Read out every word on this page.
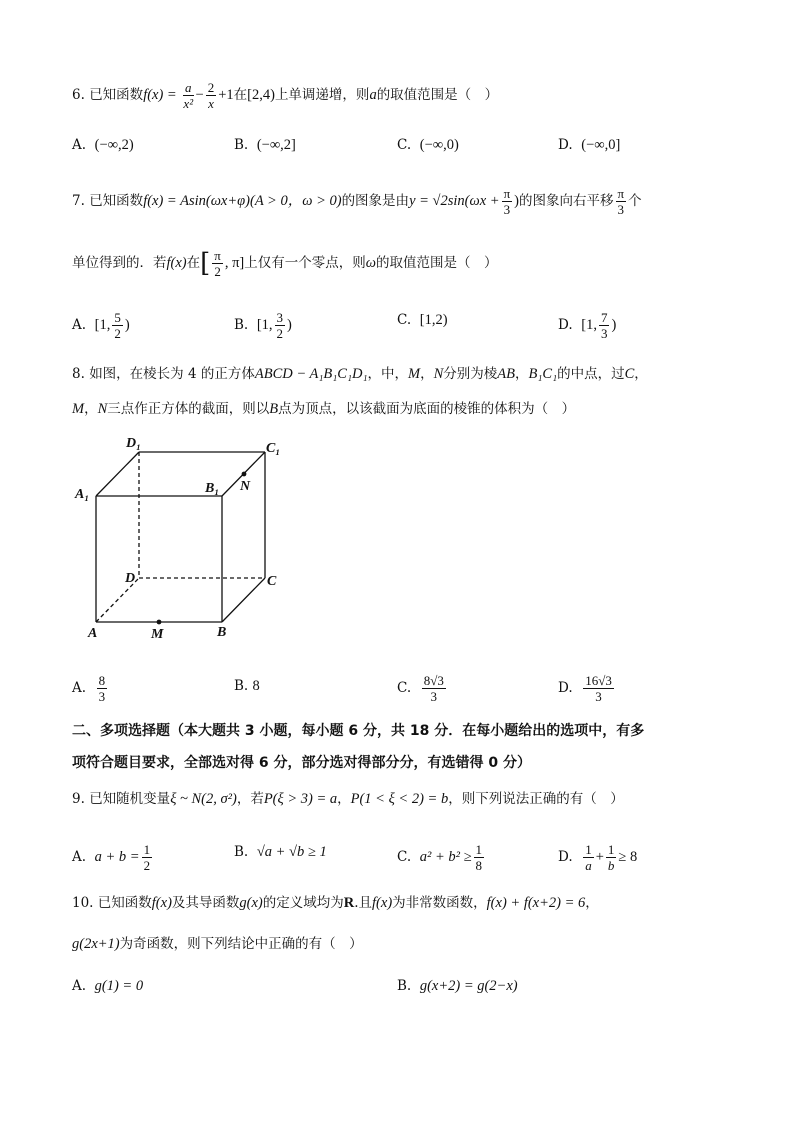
6. 已知函数$f(x) = \frac{a}{\text{x²}} - \frac{2}{x} +1$在[2,4)上单调递增，则a的取值范围是（　）
A. (−∞,2)	B. (−∞,2]	C. (−∞,0)	D. (−∞,0]
7. 已知函数f(x) = Asin(ωx+φ)(A > 0，ω > 0)的图象是由$y = √2\sin(\omega x + \frac{\pi}{3}$ )的图象向右平移 $\frac{\pi}{3}$ 个
单位得到的．若f(x)在[ $\frac{\pi}{2}$ , π]上仅有一个零点，则ω的取值范围是（　）
A. [1, $\frac{5}{2}$ )	B. [1, $\frac{3}{2}$ )	C. [1,2)	D. [1, $\frac{7}{3}$ )
8. 如图，在棱长为 4 的正方体ABCD − A₁B₁C₁D₁，中，M，N分别为棱AB，B₁C₁的中点，过C，
M，N三点作正方体的截面，则以B点为顶点，以该截面为底面的棱锥的体积为（　）
D₁	C₁
A₁	B₁ N
D	C
A	M	B
A. $\frac{8}{3}$	B. 8	C. $\frac{8√3}{3}$	D. $\frac{16√3}{3}$
二、多项选择题（本大题共 3 小题，每小题 6 分，共 18 分．在每小题给出的选项中，有多
项符合题目要求，全部选对得 6 分，部分选对得部分分，有选错得 0 分）
9. 已知随机变量ξ ~ N(2, σ²)，若P(ξ > 3) = a，P(1 < ξ < 2) = b，则下列说法正确的有（　）
A. $a + b = \frac{1}{2}$	B. √a + √b ≥ 1	C. $a^2 + b^2 \ge \frac{1}{8}$	D. $\frac{1}{a} + \frac{1}{b} \ge 8$
10. 已知函数f(x)及其导函数g(x)的定义域均为R.且f(x)为非常数函数，f(x) + f(x+2) = 6，
g(2x+1)为奇函数，则下列结论中正确的有（　）
A. g(1) = 0	B. g(x+2) = g(2−x)
